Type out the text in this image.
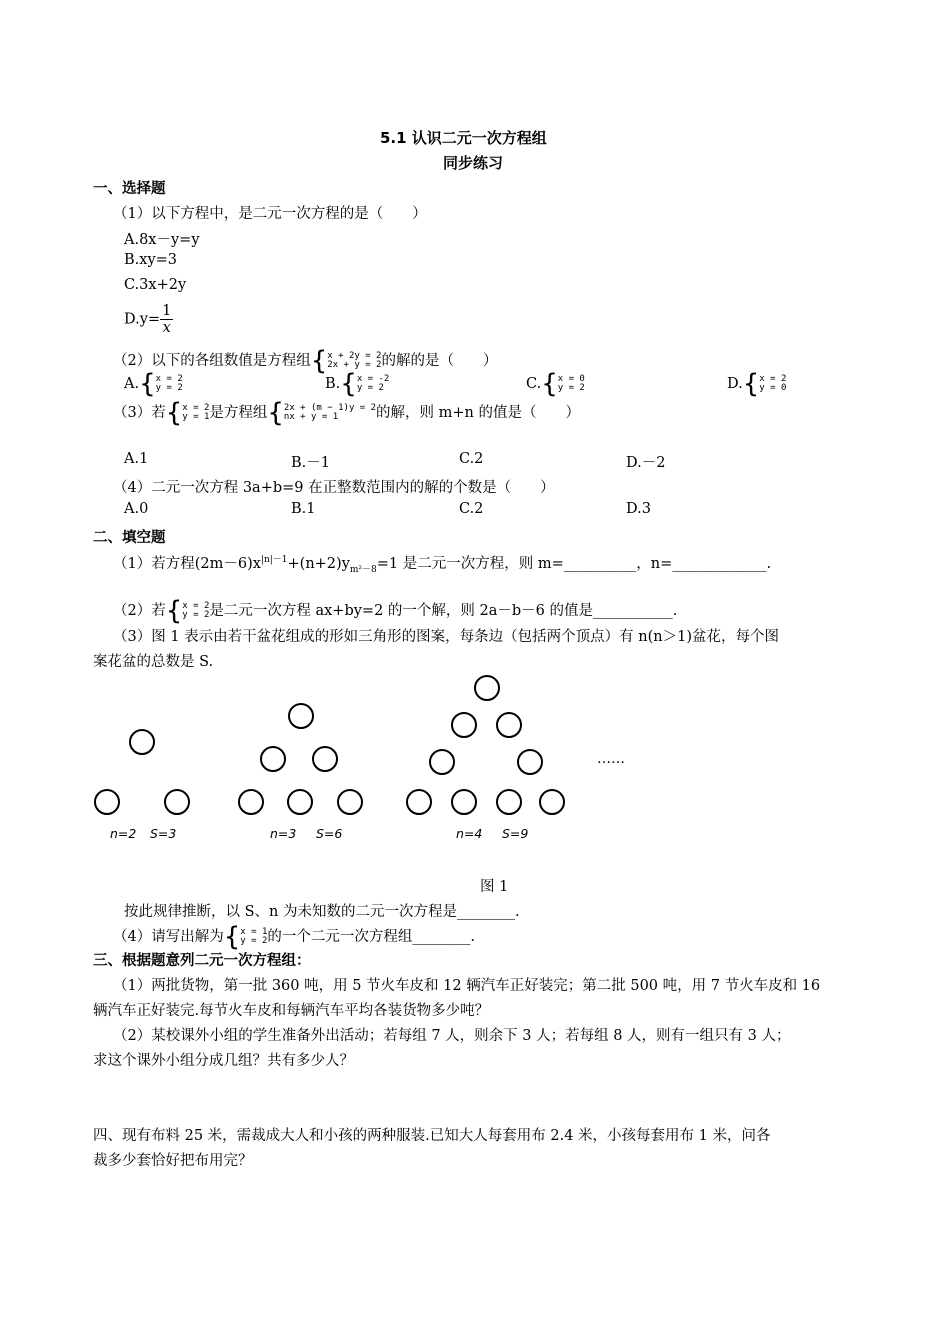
5.1 认识二元一次方程组
同步练习
一、选择题
（1）以下方程中，是二元一次方程的是（　　）
A.8x－y=y
B.xy=3
C.3x+2y
$D.y= \frac{1}{x}$
（2）以下的各组数值是方程组{ x + 2y = 2
2x + y = 2 的解的是（　　）
A.{ x = 2
y = 2	B.{ x = -2
y = 2	C.{ x = 0
y = 2	D.{ x = 2
y = 0
（3）若{ x = 2
y = 1 是方程组{ 2x + (m − 1)y = 2
nx + y = 1	的解，则 m+n 的值是（　　）
A.1	B.－1	C.2	D.－2
（4）二元一次方程 3a+b=9 在正整数范围内的解的个数是（　　）
A.0	B.1	C.2	D.3
二、填空题
（1）若方程$(2m-6)x^{|n|-1}+(n+2)y_{m^2-8}=1$ 是二元一次方程，则 m=__________，n=_____________.
（2）若{ x = 2
y = 2 是二元一次方程 ax+by=2 的一个解，则 2a－b－6 的值是___________.
（3）图 1 表示由若干盆花组成的形如三角形的图案，每条边（包括两个顶点）有 n(n＞1)盆花，每个图
案花盆的总数是 S.
……
n=2 S=3	n=3 S=6	n=4 S=9
图 1
按此规律推断，以 S、n 为未知数的二元一次方程是________.
（4）请写出解为{ x = 1
y = 2 的一个二元一次方程组________.
三、根据题意列二元一次方程组：
（1）两批货物，第一批 360 吨，用 5 节火车皮和 12 辆汽车正好装完；第二批 500 吨，用 7 节火车皮和 16
辆汽车正好装完.每节火车皮和每辆汽车平均各装货物多少吨？
（2）某校课外小组的学生准备外出活动；若每组 7 人，则余下 3 人；若每组 8 人，则有一组只有 3 人；
求这个课外小组分成几组？共有多少人？
四、现有布料 25 米，需裁成大人和小孩的两种服装.已知大人每套用布 2.4 米，小孩每套用布 1 米，问各
裁多少套恰好把布用完？
